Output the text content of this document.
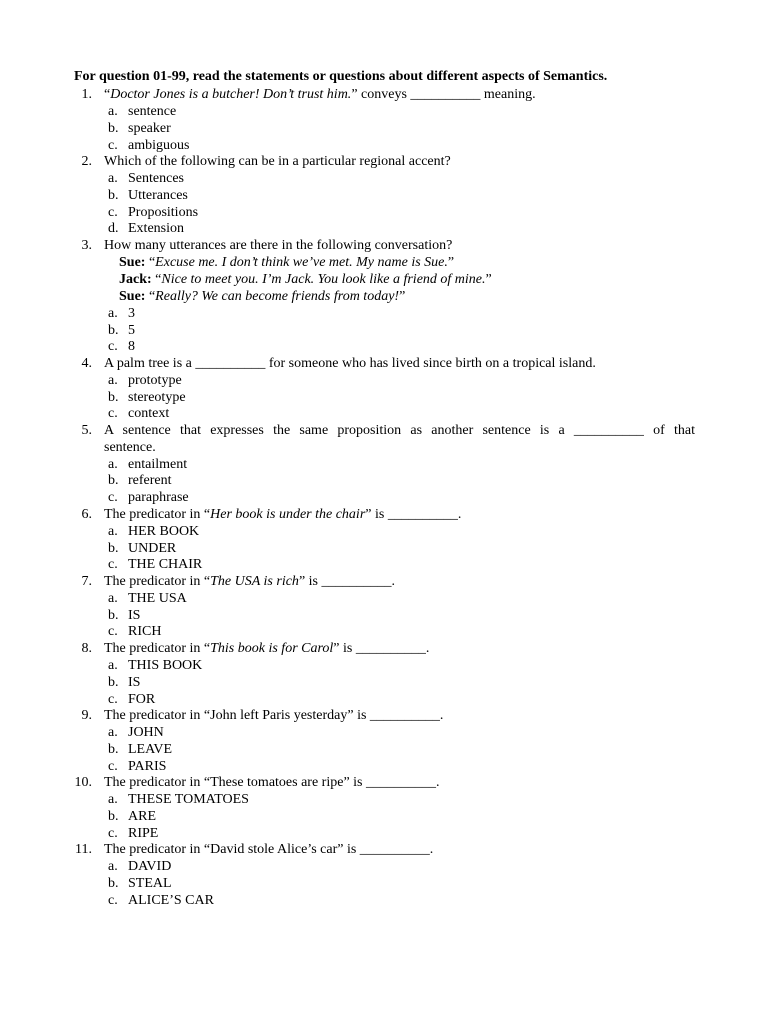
For question 01-99, read the statements or questions about different aspects of Semantics.
1. “Doctor Jones is a butcher! Don’t trust him.” conveys __________ meaning.
a. sentence
b. speaker
c. ambiguous
2. Which of the following can be in a particular regional accent?
a. Sentences
b. Utterances
c. Propositions
d. Extension
3. How many utterances are there in the following conversation?
Sue: “Excuse me. I don’t think we’ve met. My name is Sue.”
Jack: “Nice to meet you. I’m Jack. You look like a friend of mine.”
Sue: “Really? We can become friends from today!”
a. 3
b. 5
c. 8
4. A palm tree is a __________ for someone who has lived since birth on a tropical island.
a. prototype
b. stereotype
c. context
5. A sentence that expresses the same proposition as another sentence is a __________ of that
sentence.
a. entailment
b. referent
c. paraphrase
6. The predicator in “Her book is under the chair” is __________.
a. HER BOOK
b. UNDER
c. THE CHAIR
7. The predicator in “The USA is rich” is __________.
a. THE USA
b. IS
c. RICH
8. The predicator in “This book is for Carol” is __________.
a. THIS BOOK
b. IS
c. FOR
9. The predicator in “John left Paris yesterday” is __________.
a. JOHN
b. LEAVE
c. PARIS
10. The predicator in “These tomatoes are ripe” is __________.
a. THESE TOMATOES
b. ARE
c. RIPE
11. The predicator in “David stole Alice’s car” is __________.
a. DAVID
b. STEAL
c. ALICE’S CAR
